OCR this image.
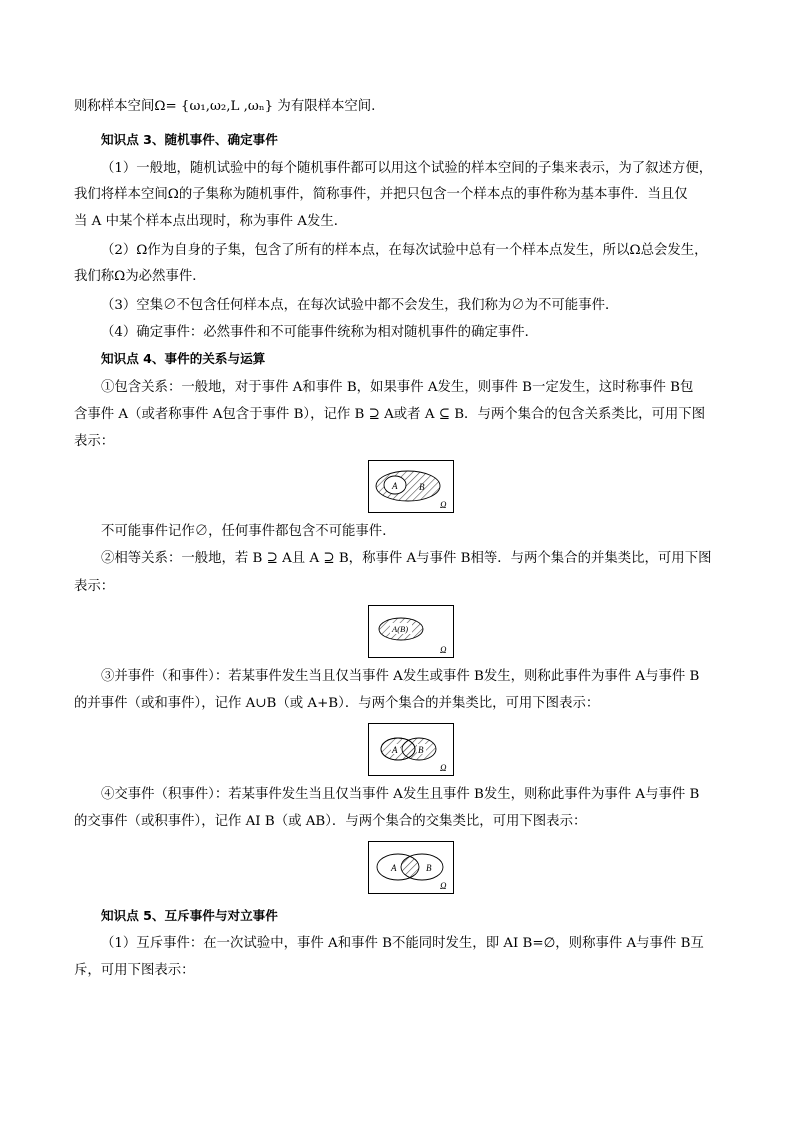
则称样本空间Ω= {ω₁,ω₂,L ,ωₙ} 为有限样本空间.
知识点 3、随机事件、确定事件
（1）一般地，随机试验中的每个随机事件都可以用这个试验的样本空间的子集来表示，为了叙述方便，
我们将样本空间Ω的子集称为随机事件，简称事件，并把只包含一个样本点的事件称为基本事件．当且仅
当 A 中某个样本点出现时，称为事件 A发生．
（2）Ω作为自身的子集，包含了所有的样本点，在每次试验中总有一个样本点发生，所以Ω总会发生，
我们称Ω为必然事件．
（3）空集∅不包含任何样本点，在每次试验中都不会发生，我们称为∅为不可能事件．
（4）确定事件：必然事件和不可能事件统称为相对随机事件的确定事件．
知识点 4、事件的关系与运算
①包含关系：一般地，对于事件 A和事件 B，如果事件 A发生，则事件 B一定发生，这时称事件 B包
含事件 A（或者称事件 A包含于事件 B），记作 B ⊇ A或者 A ⊆ B．与两个集合的包含关系类比，可用下图
表示：
A B
Ω
不可能事件记作∅，任何事件都包含不可能事件．
②相等关系：一般地，若 B ⊇ A且 A ⊇ B，称事件 A与事件 B相等．与两个集合的并集类比，可用下图
表示：
A(B)
Ω
③并事件（和事件）：若某事件发生当且仅当事件 A发生或事件 B发生，则称此事件为事件 A与事件 B
的并事件（或和事件），记作 A∪B（或 A+B）．与两个集合的并集类比，可用下图表示：
A B
Ω
④交事件（积事件）：若某事件发生当且仅当事件 A发生且事件 B发生，则称此事件为事件 A与事件 B
的交事件（或积事件），记作 AI B（或 AB）．与两个集合的交集类比，可用下图表示：
A	B
Ω
知识点 5、互斥事件与对立事件
（1）互斥事件：在一次试验中，事件 A和事件 B不能同时发生，即 AI B=∅，则称事件 A与事件 B互
斥，可用下图表示：
